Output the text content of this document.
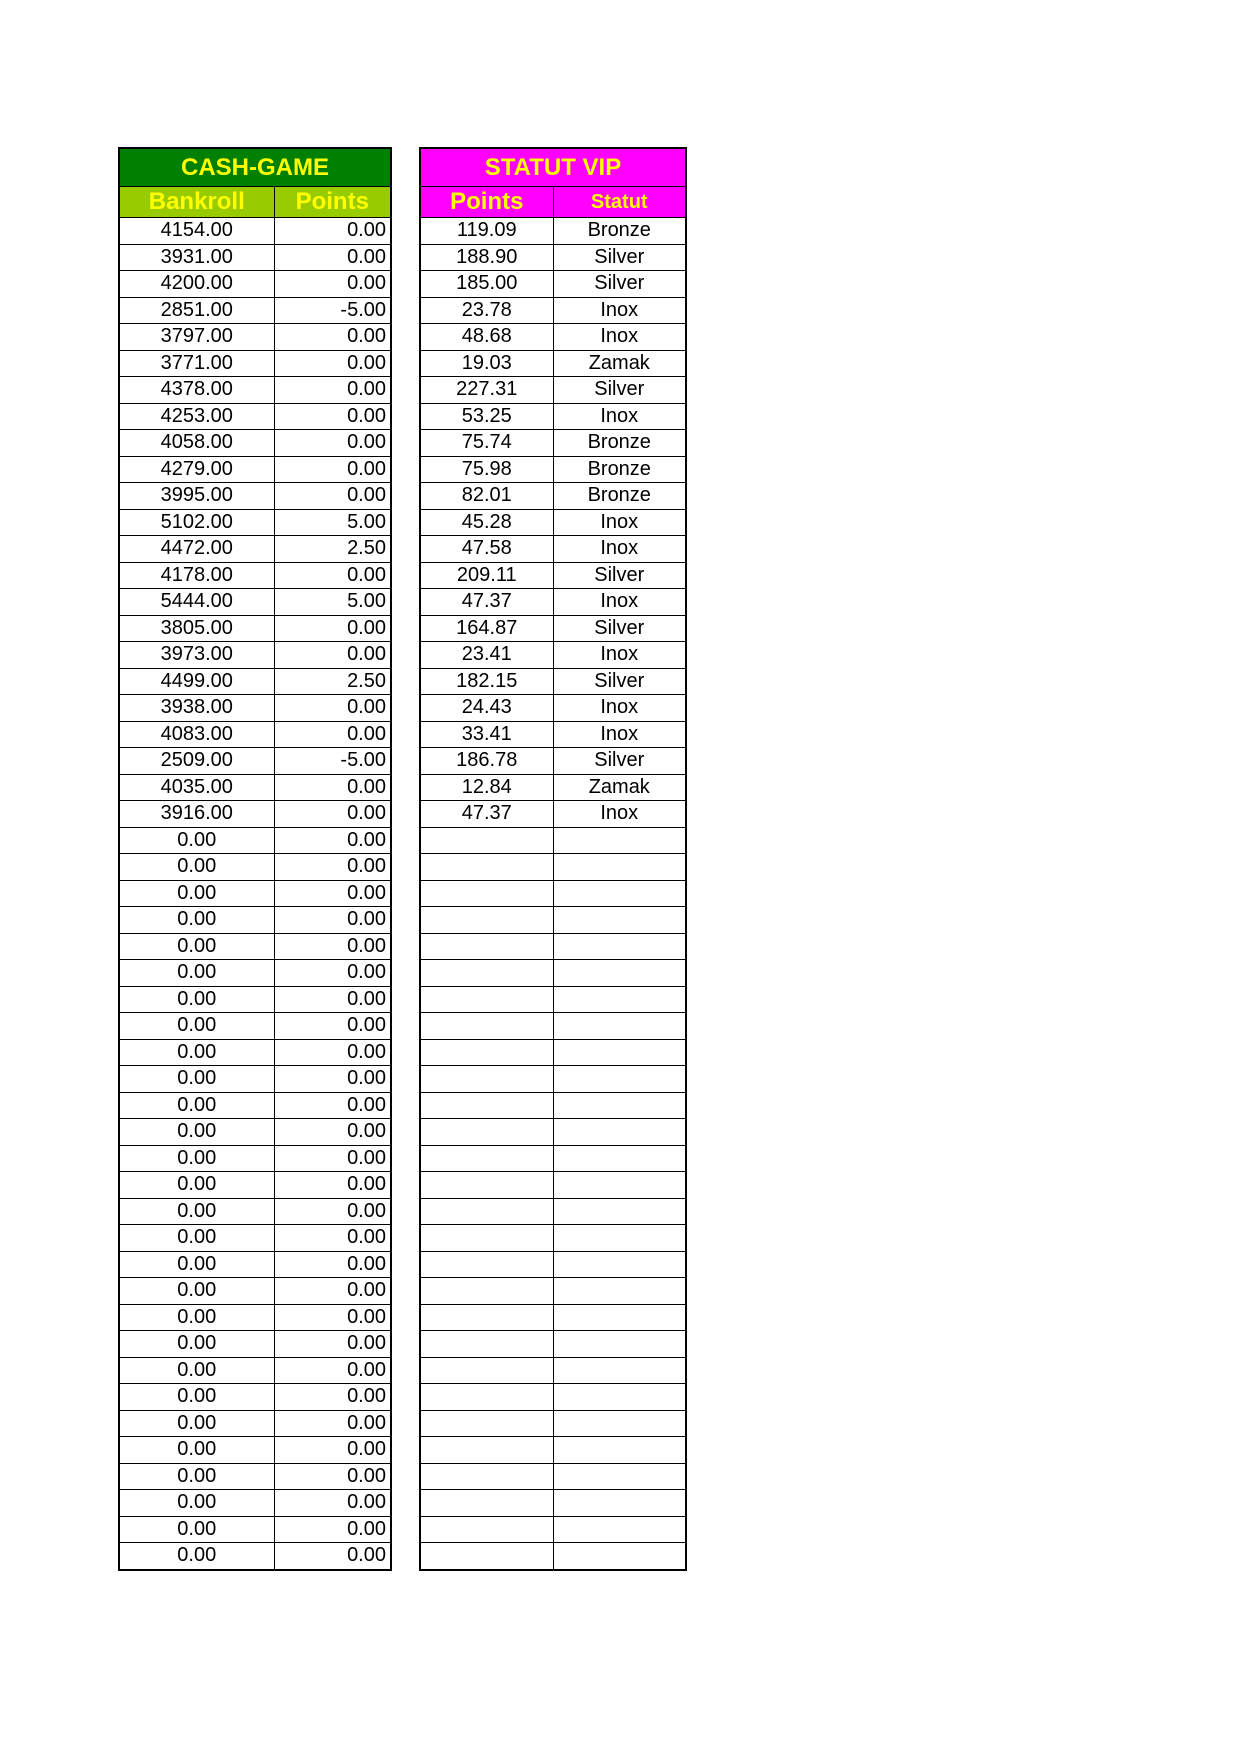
CASH-GAME	
Bankroll	Points
4154.00	0.00
3931.00	0.00
4200.00	0.00
2851.00	-5.00
3797.00	0.00
3771.00	0.00
4378.00	0.00
4253.00	0.00
4058.00	0.00
4279.00	0.00
3995.00	0.00
5102.00	5.00
4472.00	2.50
4178.00	0.00
5444.00	5.00
3805.00	0.00
3973.00	0.00
4499.00	2.50
3938.00	0.00
4083.00	0.00
2509.00	-5.00
4035.00	0.00
3916.00	0.00
0.00	0.00
0.00	0.00
0.00	0.00
0.00	0.00
0.00	0.00
0.00	0.00
0.00	0.00
0.00	0.00
0.00	0.00
0.00	0.00
0.00	0.00
0.00	0.00
0.00	0.00
0.00	0.00
0.00	0.00
0.00	0.00
0.00	0.00
0.00	0.00
0.00	0.00
0.00	0.00
0.00	0.00
0.00	0.00
0.00	0.00
0.00	0.00
0.00	0.00
0.00	0.00
0.00	0.00
0.00	0.00
STATUT VIP	
Points	Statut
119.09	Bronze
188.90	Silver
185.00	Silver
23.78	Inox
48.68	Inox
19.03	Zamak
227.31	Silver
53.25	Inox
75.74	Bronze
75.98	Bronze
82.01	Bronze
45.28	Inox
47.58	Inox
209.11	Silver
47.37	Inox
164.87	Silver
23.41	Inox
182.15	Silver
24.43	Inox
33.41	Inox
186.78	Silver
12.84	Zamak
47.37	Inox
